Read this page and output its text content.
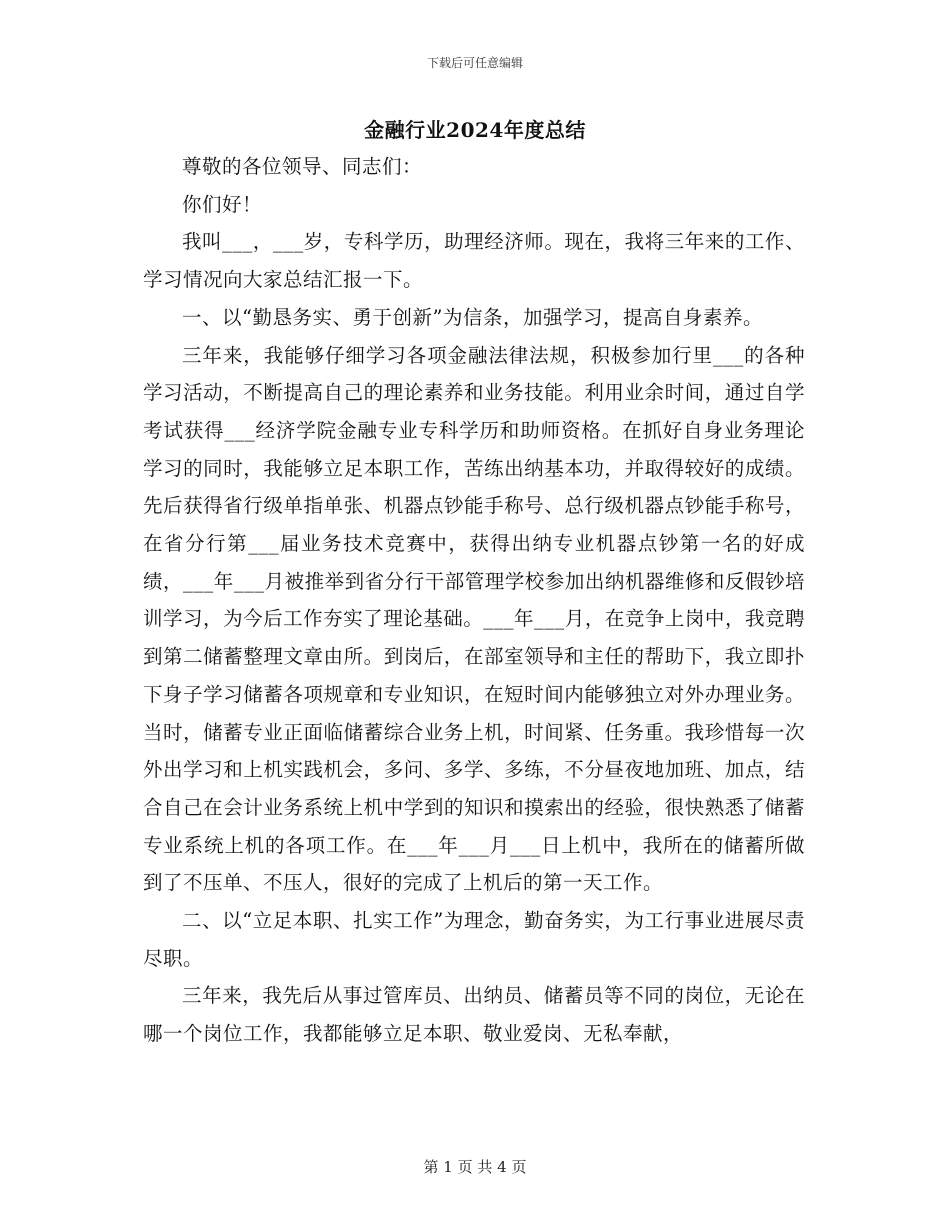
下载后可任意编辑
金融行业2024年度总结

尊敬的各位领导、同志们：

你们好！

我叫___，___岁，专科学历，助理经济师。现在，我将三年来的工作、学习情况向大家总结汇报一下。

一、以“勤恳务实、勇于创新”为信条，加强学习，提高自身素养。

三年来，我能够仔细学习各项金融法律法规，积极参加行里___的各种学习活动，不断提高自己的理论素养和业务技能。利用业余时间，通过自学考试获得___经济学院金融专业专科学历和助师资格。在抓好自身业务理论学习的同时，我能够立足本职工作，苦练出纳基本功，并取得较好的成绩。先后获得省行级单指单张、机器点钞能手称号、总行级机器点钞能手称号，在省分行第___届业务技术竞赛中，获得出纳专业机器点钞第一名的好成绩，___年___月被推举到省分行干部管理学校参加出纳机器维修和反假钞培训学习，为今后工作夯实了理论基础。___年___月，在竞争上岗中，我竞聘到第二储蓄整理文章由所。到岗后，在部室领导和主任的帮助下，我立即扑下身子学习储蓄各项规章和专业知识，在短时间内能够独立对外办理业务。当时，储蓄专业正面临储蓄综合业务上机，时间紧、任务重。我珍惜每一次外出学习和上机实践机会，多问、多学、多练，不分昼夜地加班、加点，结合自己在会计业务系统上机中学到的知识和摸索出的经验，很快熟悉了储蓄专业系统上机的各项工作。在___年___月___日上机中，我所在的储蓄所做到了不压单、不压人，很好的完成了上机后的第一天工作。

二、以“立足本职、扎实工作”为理念，勤奋务实，为工行事业进展尽责尽职。

三年来，我先后从事过管库员、出纳员、储蓄员等不同的岗位，无论在哪一个岗位工作，我都能够立足本职、敬业爱岗、无私奉献，

第 1 页 共 4 页
